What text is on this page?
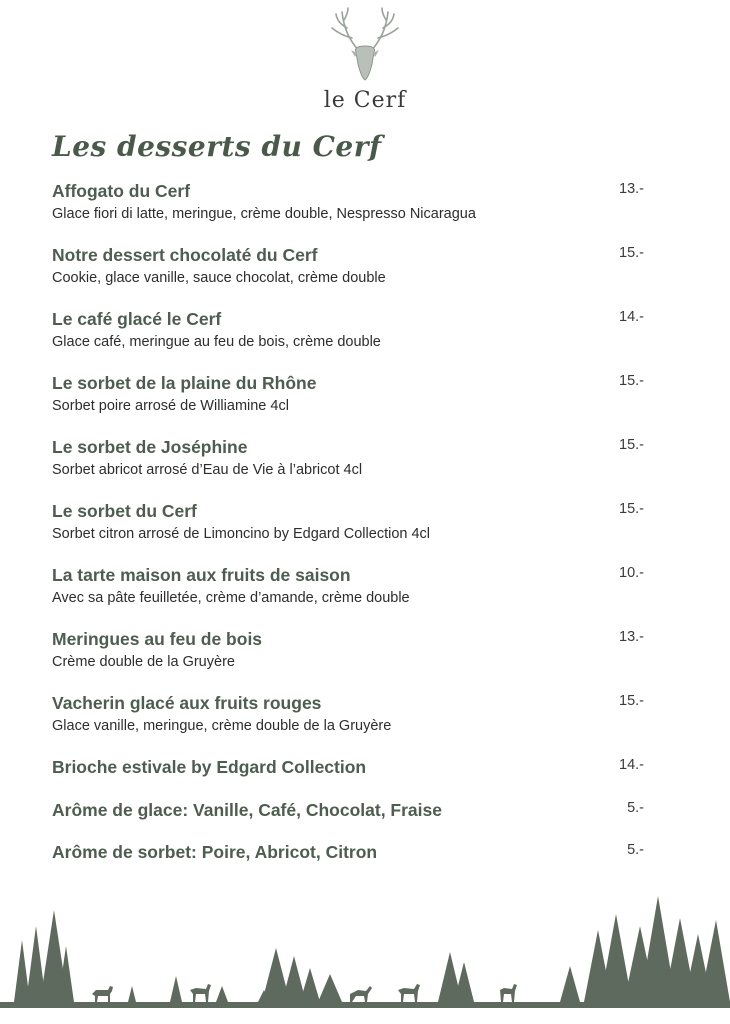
le Cerf
Les desserts du Cerf
Affogato du Cerf
Glace fiori di latte, meringue, crème double, Nespresso Nicaragua
13.-
Notre dessert chocolaté du Cerf
Cookie, glace vanille, sauce chocolat, crème double
15.-
Le café glacé le Cerf
Glace café, meringue au feu de bois, crème double
14.-
Le sorbet de la plaine du Rhône
Sorbet poire arrosé de Williamine 4cl
15.-
Le sorbet de Joséphine
Sorbet abricot arrosé d’Eau de Vie à l’abricot 4cl
15.-
Le sorbet du Cerf
Sorbet citron arrosé de Limoncino by Edgard Collection 4cl
15.-
La tarte maison aux fruits de saison
Avec sa pâte feuilletée, crème d’amande, crème double
10.-
Meringues au feu de bois
Crème double de la Gruyère
13.-
Vacherin glacé aux fruits rouges
Glace vanille, meringue, crème double de la Gruyère
15.-
Brioche estivale by Edgard Collection	14.-
Arôme de glace: Vanille, Café, Chocolat, Fraise	5.-
Arôme de sorbet: Poire, Abricot, Citron	5.-
